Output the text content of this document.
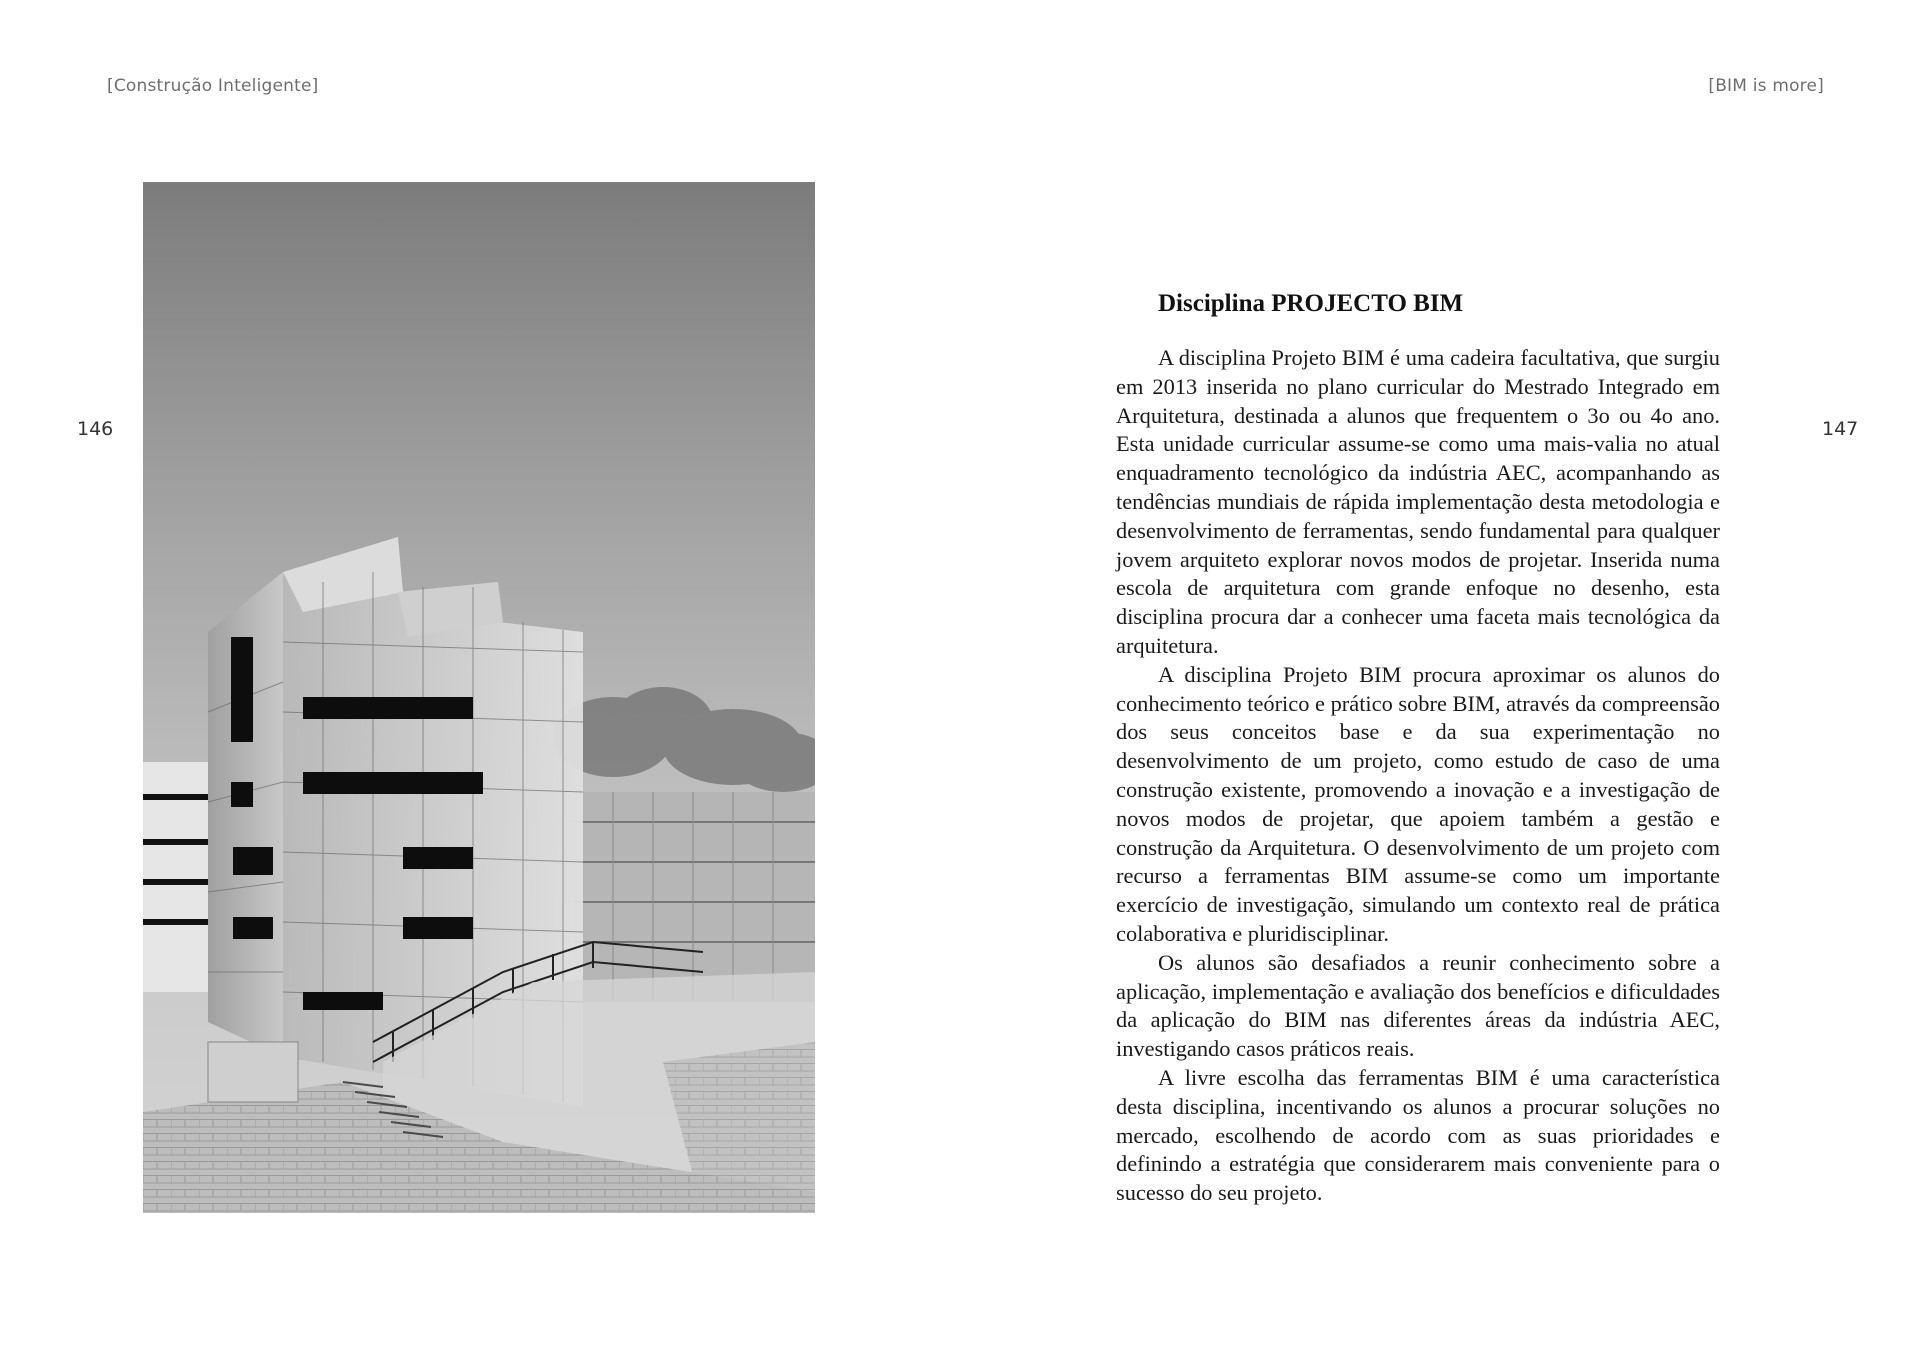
[Construção Inteligente]	[BIM is more]
146	147
Disciplina PROJECTO BIM

A disciplina Projeto BIM é uma cadeira facultativa, que surgiu em 2013 inserida no plano curricular do Mestrado Integrado em Arquitetura, destinada a alunos que frequentem o 3o ou 4o ano. Esta unidade curricular assume-se como uma mais-valia no atual enquadramento tecnológico da indústria AEC, acompanhando as tendências mundiais de rápida implementação desta metodologia e desenvolvimento de ferramentas, sendo fundamental para qualquer jovem arquiteto explorar novos modos de projetar. Inserida numa escola de arquitetura com grande enfoque no desenho, esta disciplina procura dar a conhecer uma faceta mais tecnológica da arquitetura.

A disciplina Projeto BIM procura aproximar os alunos do conhecimento teórico e prático sobre BIM, através da compreensão dos seus conceitos base e da sua experimentação no desenvolvimento de um projeto, como estudo de caso de uma construção existente, promovendo a inovação e a investigação de novos modos de projetar, que apoiem também a gestão e construção da Arquitetura. O desenvolvimento de um projeto com recurso a ferramentas BIM assume-se como um importante exercício de investigação, simulando um contexto real de prática colaborativa e pluridisciplinar.

Os alunos são desafiados a reunir conhecimento sobre a aplicação, implementação e avaliação dos benefícios e dificuldades da aplicação do BIM nas diferentes áreas da indústria AEC, investigando casos práticos reais.

A livre escolha das ferramentas BIM é uma característica desta disciplina, incentivando os alunos a procurar soluções no mercado, escolhendo de acordo com as suas prioridades e definindo a estratégia que considerarem mais conveniente para o sucesso do seu projeto.
